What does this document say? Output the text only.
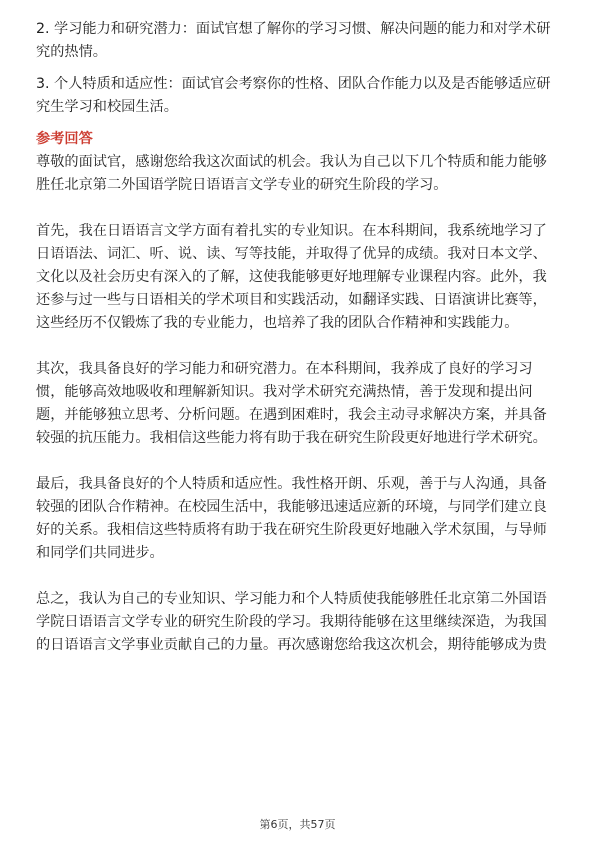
2. 学习能力和研究潜力：面试官想了解你的学习习惯、解决问题的能力和对学术研
究的热情。
3. 个人特质和适应性：面试官会考察你的性格、团队合作能力以及是否能够适应研
究生学习和校园生活。
参考回答
尊敬的面试官，感谢您给我这次面试的机会。我认为自己以下几个特质和能力能够
胜任北京第二外国语学院日语语言文学专业的研究生阶段的学习。
首先，我在日语语言文学方面有着扎实的专业知识。在本科期间，我系统地学习了
日语语法、词汇、听、说、读、写等技能，并取得了优异的成绩。我对日本文学、
文化以及社会历史有深入的了解，这使我能够更好地理解专业课程内容。此外，我
还参与过一些与日语相关的学术项目和实践活动，如翻译实践、日语演讲比赛等，
这些经历不仅锻炼了我的专业能力，也培养了我的团队合作精神和实践能力。
其次，我具备良好的学习能力和研究潜力。在本科期间，我养成了良好的学习习
惯，能够高效地吸收和理解新知识。我对学术研究充满热情，善于发现和提出问
题，并能够独立思考、分析问题。在遇到困难时，我会主动寻求解决方案，并具备
较强的抗压能力。我相信这些能力将有助于我在研究生阶段更好地进行学术研究。
最后，我具备良好的个人特质和适应性。我性格开朗、乐观，善于与人沟通，具备
较强的团队合作精神。在校园生活中，我能够迅速适应新的环境，与同学们建立良
好的关系。我相信这些特质将有助于我在研究生阶段更好地融入学术氛围，与导师
和同学们共同进步。
总之，我认为自己的专业知识、学习能力和个人特质使我能够胜任北京第二外国语
学院日语语言文学专业的研究生阶段的学习。我期待能够在这里继续深造，为我国
的日语语言文学事业贡献自己的力量。再次感谢您给我这次机会，期待能够成为贵
第6页，共57页
